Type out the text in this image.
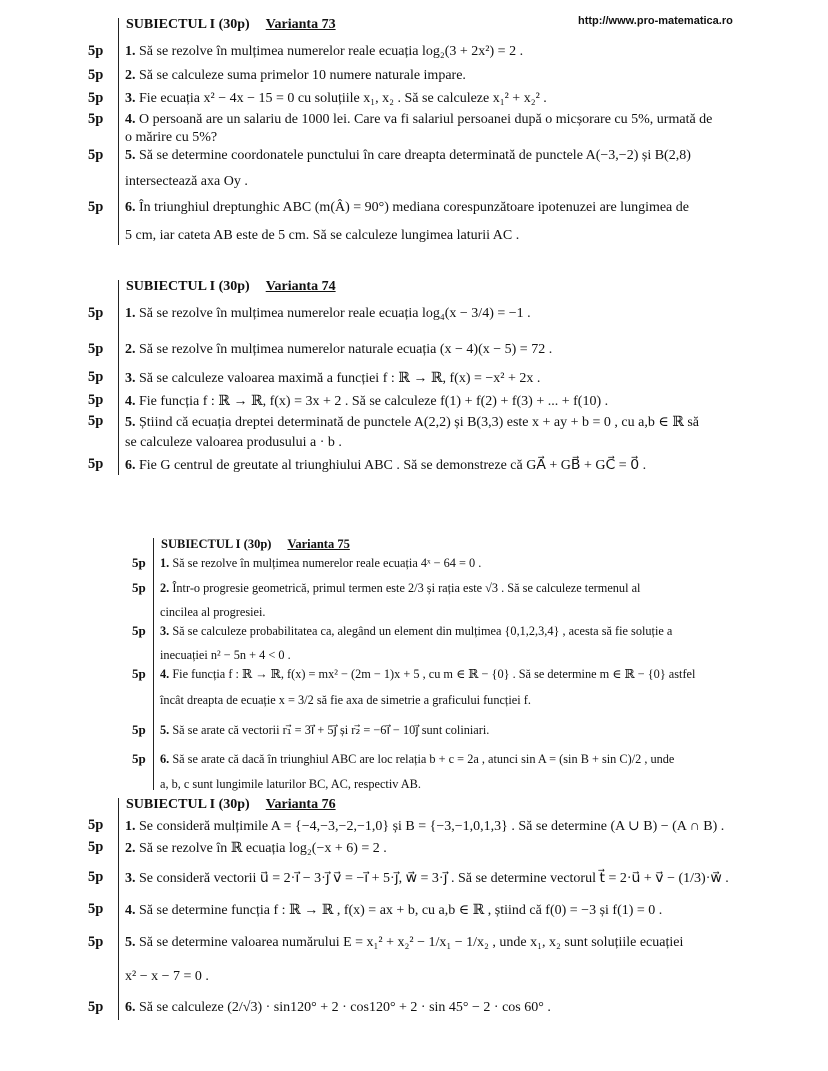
http://www.pro-matematica.ro
SUBIECTUL I (30p) Varianta 73
5p 1. Să se rezolve în mulțimea numerelor reale ecuația log₂(3 + 2x²) = 2 .
5p 2. Să se calculeze suma primelor 10 numere naturale impare.
5p 3. Fie ecuația x² − 4x − 15 = 0 cu soluțiile x₁, x₂ . Să se calculeze x₁² + x₂² .
5p 4. O persoană are un salariu de 1000 lei. Care va fi salariul persoanei după o micșorare cu 5%, urmată de
o mărire cu 5%?
5p 5. Să se determine coordonatele punctului în care dreapta determinată de punctele A(−3,−2) și B(2,8)
intersectează axa Oy .
5p 6. În triunghiul dreptunghic ABC (m(Â) = 90°) mediana corespunzătoare ipotenuzei are lungimea de
5 cm, iar cateta AB este de 5 cm. Să se calculeze lungimea laturii AC .
SUBIECTUL I (30p) Varianta 74
5p 1. Să se rezolve în mulțimea numerelor reale ecuația log₄(x − 3/4) = −1 .
5p 2. Să se rezolve în mulțimea numerelor naturale ecuația (x − 4)(x − 5) = 72 .
5p 3. Să se calculeze valoarea maximă a funcției f : ℝ → ℝ, f(x) = −x² + 2x .
5p 4. Fie funcția f : ℝ → ℝ, f(x) = 3x + 2 . Să se calculeze f(1) + f(2) + f(3) + ... + f(10) .
5p 5. Știind că ecuația dreptei determinată de punctele A(2,2) și B(3,3) este x + ay + b = 0 , cu a,b ∈ ℝ să
se calculeze valoarea produsului a · b .
5p 6. Fie G centrul de greutate al triunghiului ABC . Să se demonstreze că GA⃗ + GB⃗ + GC⃗ = 0⃗ .
SUBIECTUL I (30p) Varianta 75
5p 1. Să se rezolve în mulțimea numerelor reale ecuația 4ˣ − 64 = 0 .
5p 2. Într-o progresie geometrică, primul termen este 2/3 și rația este √3 . Să se calculeze termenul al
cincilea al progresiei.
5p 3. Să se calculeze probabilitatea ca, alegând un element din mulțimea {0,1,2,3,4} , acesta să fie soluție a
inecuației n² − 5n + 4 < 0 .
5p 4. Fie funcția f : ℝ → ℝ, f(x) = mx² − (2m − 1)x + 5 , cu m ∈ ℝ − {0} . Să se determine m ∈ ℝ − {0} astfel
încât dreapta de ecuație x = 3/2 să fie axa de simetrie a graficului funcției f.
5p 5. Să se arate că vectorii r₁⃗ = 3i⃗ + 5j⃗ și r₂⃗ = −6i⃗ − 10j⃗ sunt coliniari.
5p 6. Să se arate că dacă în triunghiul ABC are loc relația b + c = 2a , atunci sin A = (sin B + sin C)/2 , unde
a, b, c sunt lungimile laturilor BC, AC, respectiv AB.
SUBIECTUL I (30p) Varianta 76
5p 1. Se consideră mulțimile A = {−4,−3,−2,−1,0} și B = {−3,−1,0,1,3} . Să se determine (A ∪ B) − (A ∩ B) .
5p 2. Să se rezolve în ℝ ecuația log₂(−x + 6) = 2 .
5p 3. Se consideră vectorii u⃗ = 2·i⃗ − 3·j⃗ v⃗ = −i⃗ + 5·j⃗, w⃗ = 3·j⃗ . Să se determine vectorul t⃗ = 2·u⃗ + v⃗ − (1/3)·w⃗ .
5p 4. Să se determine funcția f : ℝ → ℝ , f(x) = ax + b, cu a,b ∈ ℝ , știind că f(0) = −3 și f(1) = 0 .
5p 5. Să se determine valoarea numărului E = x₁² + x₂² − 1/x₁ − 1/x₂ , unde x₁, x₂ sunt soluțiile ecuației
x² − x − 7 = 0 .
5p 6. Să se calculeze (2/√3) · sin120° + 2 · cos120° + 2 · sin 45° − 2 · cos 60° .
